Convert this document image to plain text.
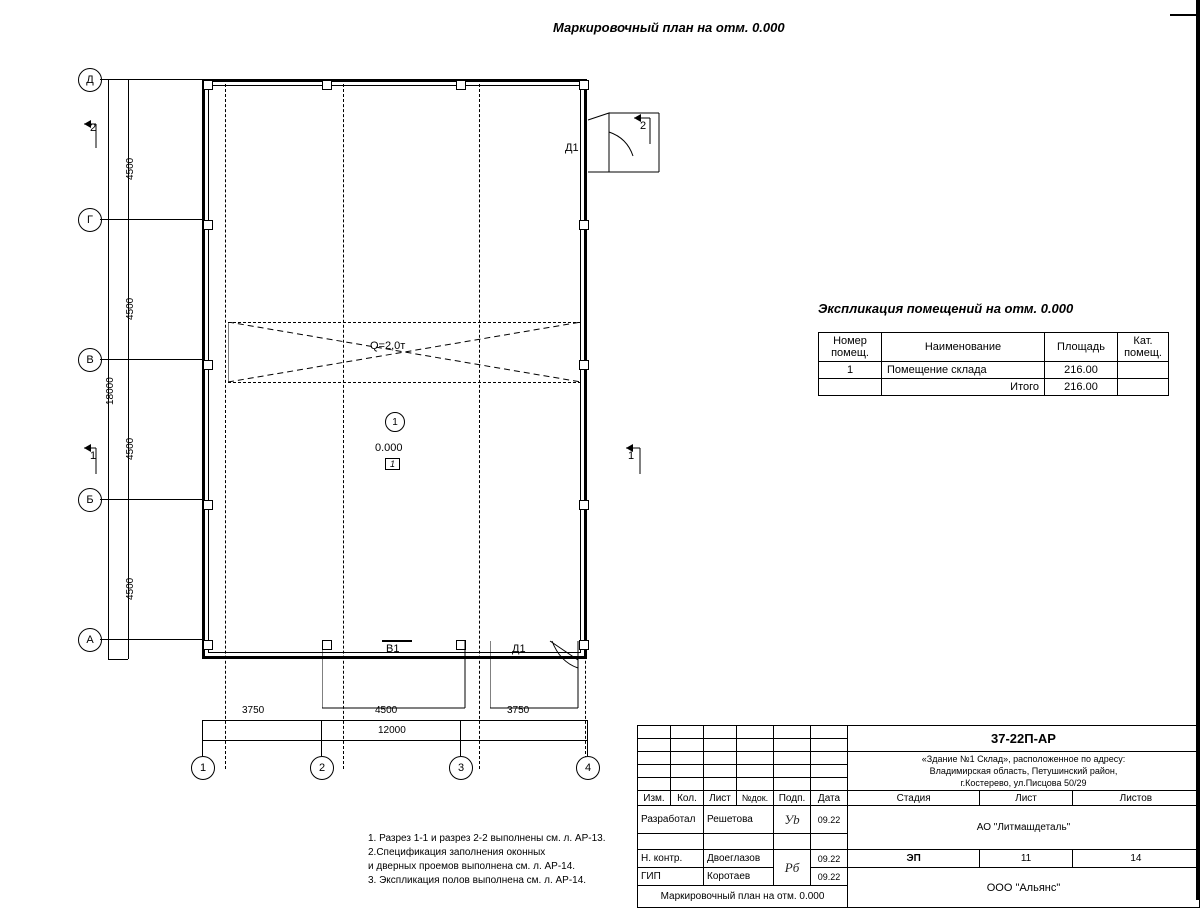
Маркировочный план на отм. 0.000
Экспликация помещений на отм. 0.000
Q=2,0т
1
0.000
1
Д1
В1	Д1
Д
Г
В
Б
А
4500
4500
4500
4500
18000
3750	4500	3750
12000
1	2	3	4
2	2
1	1
Номер
помещ.	Наименование	Площадь	Кат.
помещ.
1	Помещение склада	216.00	
	Итого	216.00	
1. Разрез 1-1 и разрез 2-2 выполнены см. л. АР-13.
2.Спецификация заполнения оконных
и дверных проемов выполнена см. л. АР-14.
3. Экспликация полов выполнена см. л. АР-14.
						37-22П-АР		

						«Здание №1 Склад», расположенное по адресу:
Владимирская область, Петушинский район,
г.Костерево, ул.Писцова 50/29		

Изм.	Кол.	Лист	№док.	Подп.	Дата	Стадия	Лист	Листов
Разработал		Решетова		Уb	09.22	АО "Литмашдеталь"		

Н. контр.		Двоеглазов		Рб	09.22	ЭП	11	14
ГИП		Коротаев			09.22	ООО "Альянс"		
Маркировочный план на отм. 0.000								
